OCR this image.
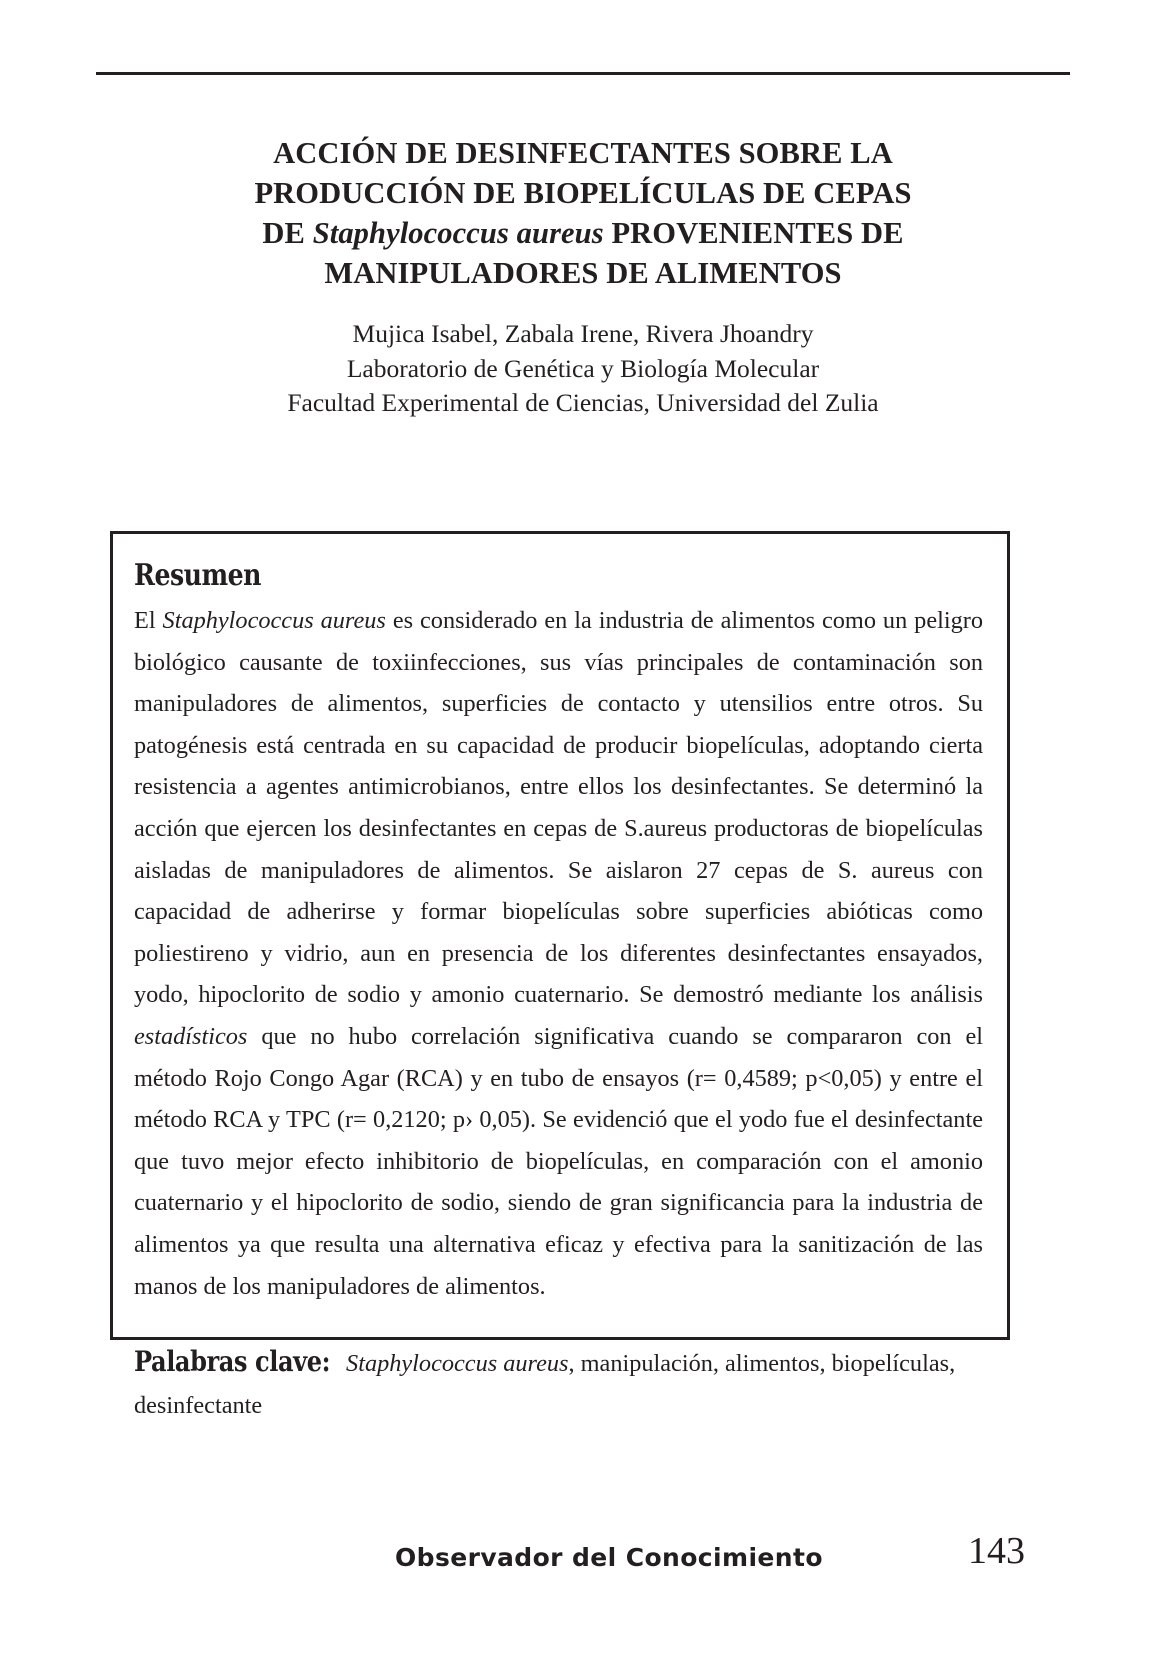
ACCIÓN DE DESINFECTANTES SOBRE LA
PRODUCCIÓN DE BIOPELÍCULAS DE CEPAS
DE Staphylococcus aureus PROVENIENTES DE
MANIPULADORES DE ALIMENTOS
Mujica Isabel, Zabala Irene, Rivera Jhoandry
Laboratorio de Genética y Biología Molecular
Facultad Experimental de Ciencias, Universidad del Zulia
Resumen

El Staphylococcus aureus es considerado en la industria de alimentos como un peligro biológico causante de toxiinfecciones, sus vías principales de contaminación son manipuladores de alimentos, superficies de contacto y utensilios entre otros. Su patogénesis está centrada en su capacidad de producir biopelículas, adoptando cierta resistencia a agentes antimicrobianos, entre ellos los desinfectantes. Se determinó la acción que ejercen los desinfectantes en cepas de S.aureus productoras de biopelículas aisladas de manipuladores de alimentos. Se aislaron 27 cepas de S. aureus con capacidad de adherirse y formar biopelículas sobre superficies abióticas como poliestireno y vidrio, aun en presencia de los diferentes desinfectantes ensayados, yodo, hipoclorito de sodio y amonio cuaternario. Se demostró mediante los análisis estadísticos que no hubo correlación significativa cuando se compararon con el método Rojo Congo Agar (RCA) y en tubo de ensayos (r= 0,4589; p<0,05) y entre el método RCA y TPC (r= 0,2120; p› 0,05). Se evidenció que el yodo fue el desinfectante que tuvo mejor efecto inhibitorio de biopelículas, en comparación con el amonio cuaternario y el hipoclorito de sodio, siendo de gran significancia para la industria de alimentos ya que resulta una alternativa eficaz y efectiva para la sanitización de las manos de los manipuladores de alimentos.

Palabras clave: Staphylococcus aureus, manipulación, alimentos, biopelículas, desinfectante

Observador del Conocimiento	143
